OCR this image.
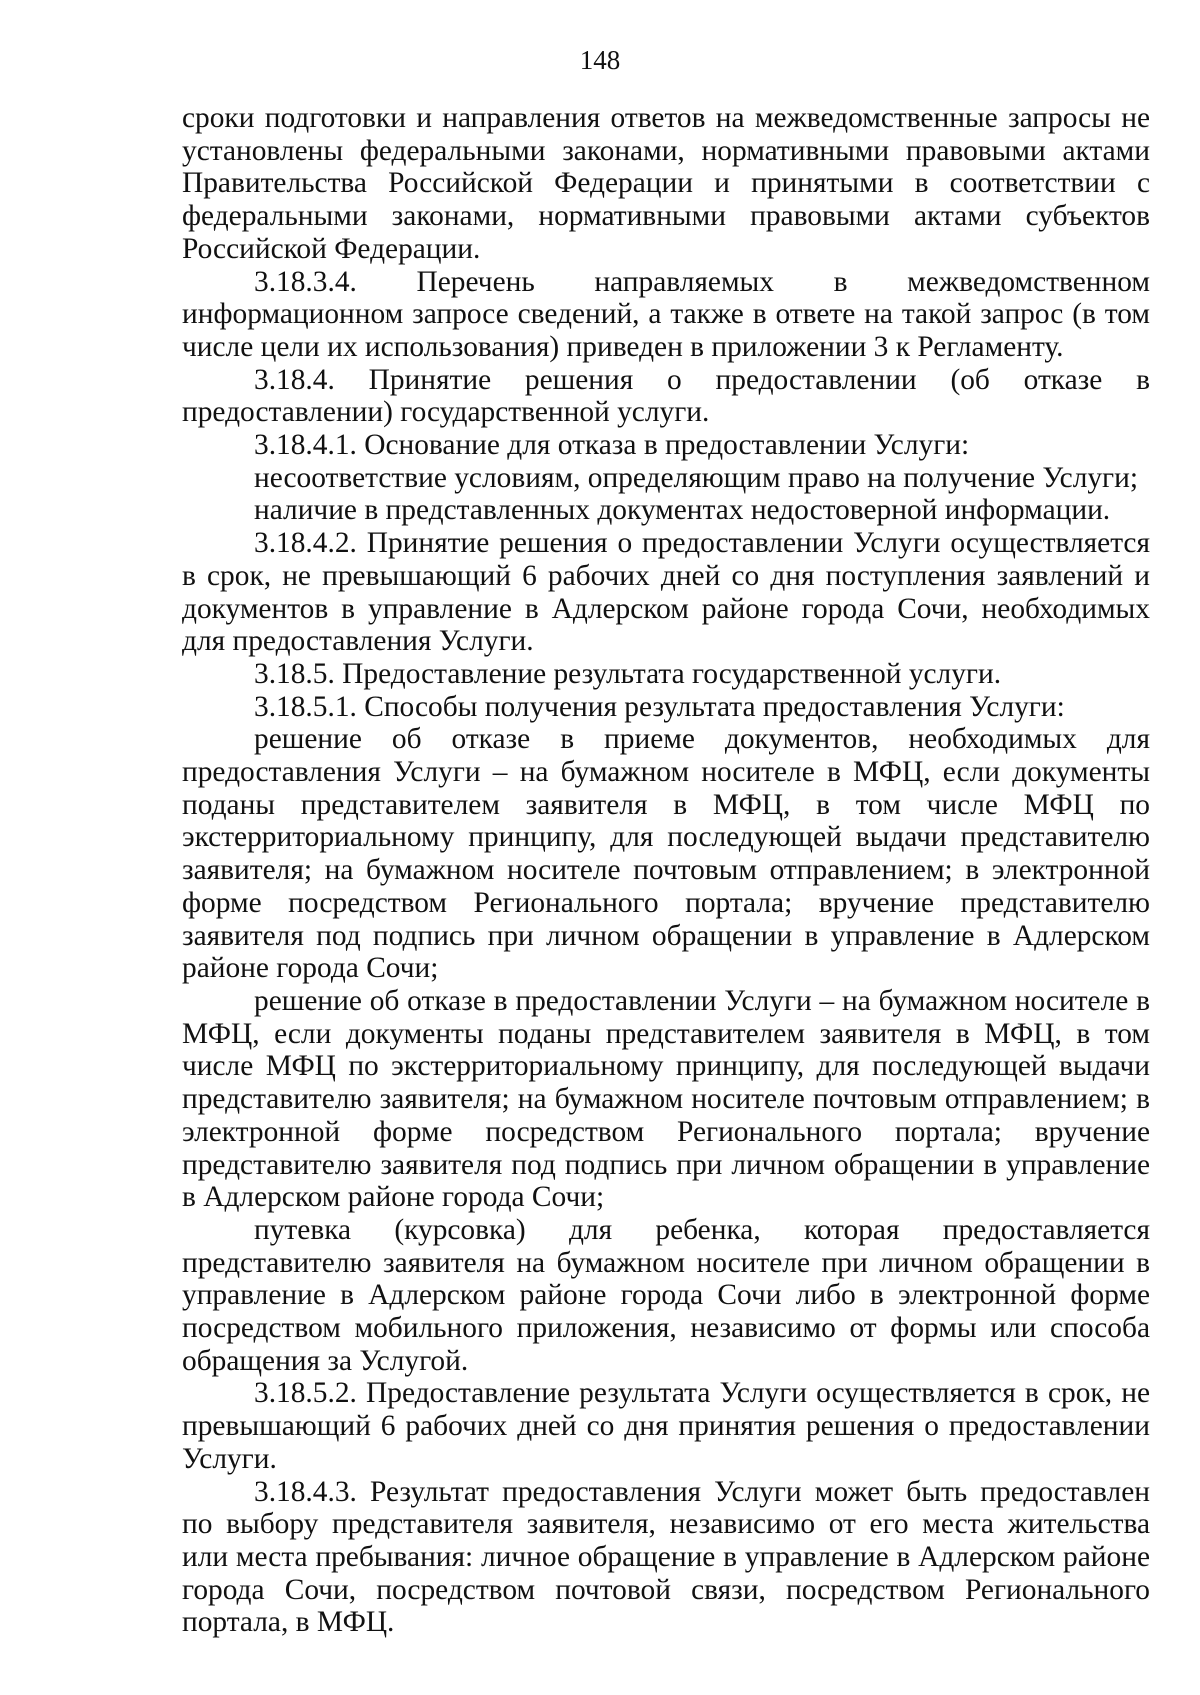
148

сроки подготовки и направления ответов на межведомственные запросы не установлены федеральными законами, нормативными правовыми актами Правительства Российской Федерации и принятыми в соответствии с федеральными законами, нормативными правовыми актами субъектов Российской Федерации.

3.18.3.4. Перечень направляемых в межведомственном информационном запросе сведений, а также в ответе на такой запрос (в том числе цели их использования) приведен в приложении 3 к Регламенту.

3.18.4. Принятие решения о предоставлении (об отказе в предоставлении) государственной услуги.

3.18.4.1. Основание для отказа в предоставлении Услуги:

несоответствие условиям, определяющим право на получение Услуги;

наличие в представленных документах недостоверной информации.

3.18.4.2. Принятие решения о предоставлении Услуги осуществляется в срок, не превышающий 6 рабочих дней со дня поступления заявлений и документов в управление в Адлерском районе города Сочи, необходимых для предоставления Услуги.

3.18.5. Предоставление результата государственной услуги.

3.18.5.1. Способы получения результата предоставления Услуги:

решение об отказе в приеме документов, необходимых для предоставления Услуги – на бумажном носителе в МФЦ, если документы поданы представителем заявителя в МФЦ, в том числе МФЦ по экстерриториальному принципу, для последующей выдачи представителю заявителя; на бумажном носителе почтовым отправлением; в электронной форме посредством Регионального портала; вручение представителю заявителя под подпись при личном обращении в управление в Адлерском районе города Сочи;

решение об отказе в предоставлении Услуги – на бумажном носителе в МФЦ, если документы поданы представителем заявителя в МФЦ, в том числе МФЦ по экстерриториальному принципу, для последующей выдачи представителю заявителя; на бумажном носителе почтовым отправлением; в электронной форме посредством Регионального портала; вручение представителю заявителя под подпись при личном обращении в управление в Адлерском районе города Сочи;

путевка (курсовка) для ребенка, которая предоставляется представителю заявителя на бумажном носителе при личном обращении в управление в Адлерском районе города Сочи либо в электронной форме посредством мобильного приложения, независимо от формы или способа обращения за Услугой.

3.18.5.2. Предоставление результата Услуги осуществляется в срок, не превышающий 6 рабочих дней со дня принятия решения о предоставлении Услуги.

3.18.4.3. Результат предоставления Услуги может быть предоставлен по выбору представителя заявителя, независимо от его места жительства или места пребывания: личное обращение в управление в Адлерском районе города Сочи, посредством почтовой связи, посредством Регионального портала, в МФЦ.
